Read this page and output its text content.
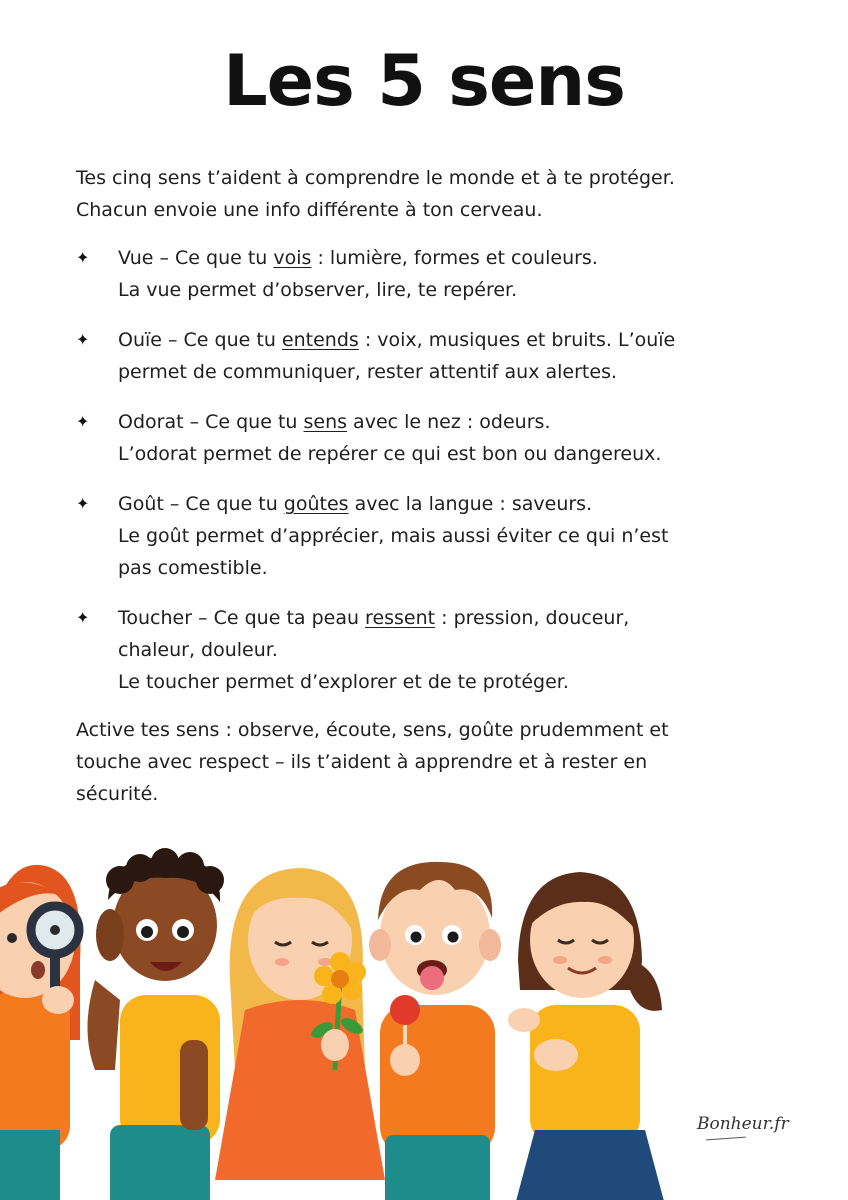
Les 5 sens

Tes cinq sens t’aident à comprendre le monde et à te protéger.
Chacun envoie une info différente à ton cerveau.

✦ Vue – Ce que tu vois : lumière, formes et couleurs.
La vue permet d’observer, lire, te repérer.
✦ Ouïe – Ce que tu entends : voix, musiques et bruits. L’ouïe
permet de communiquer, rester attentif aux alertes.
✦ Odorat – Ce que tu sens avec le nez : odeurs.
L’odorat permet de repérer ce qui est bon ou dangereux.
✦ Goût – Ce que tu goûtes avec la langue : saveurs.
Le goût permet d’apprécier, mais aussi éviter ce qui n’est
pas comestible.
✦ Toucher – Ce que ta peau ressent : pression, douceur,
chaleur, douleur.
Le toucher permet d’explorer et de te protéger.

Active tes sens : observe, écoute, sens, goûte prudemment et
touche avec respect – ils t’aident à apprendre et à rester en
sécurité.

Bonheur.fr
